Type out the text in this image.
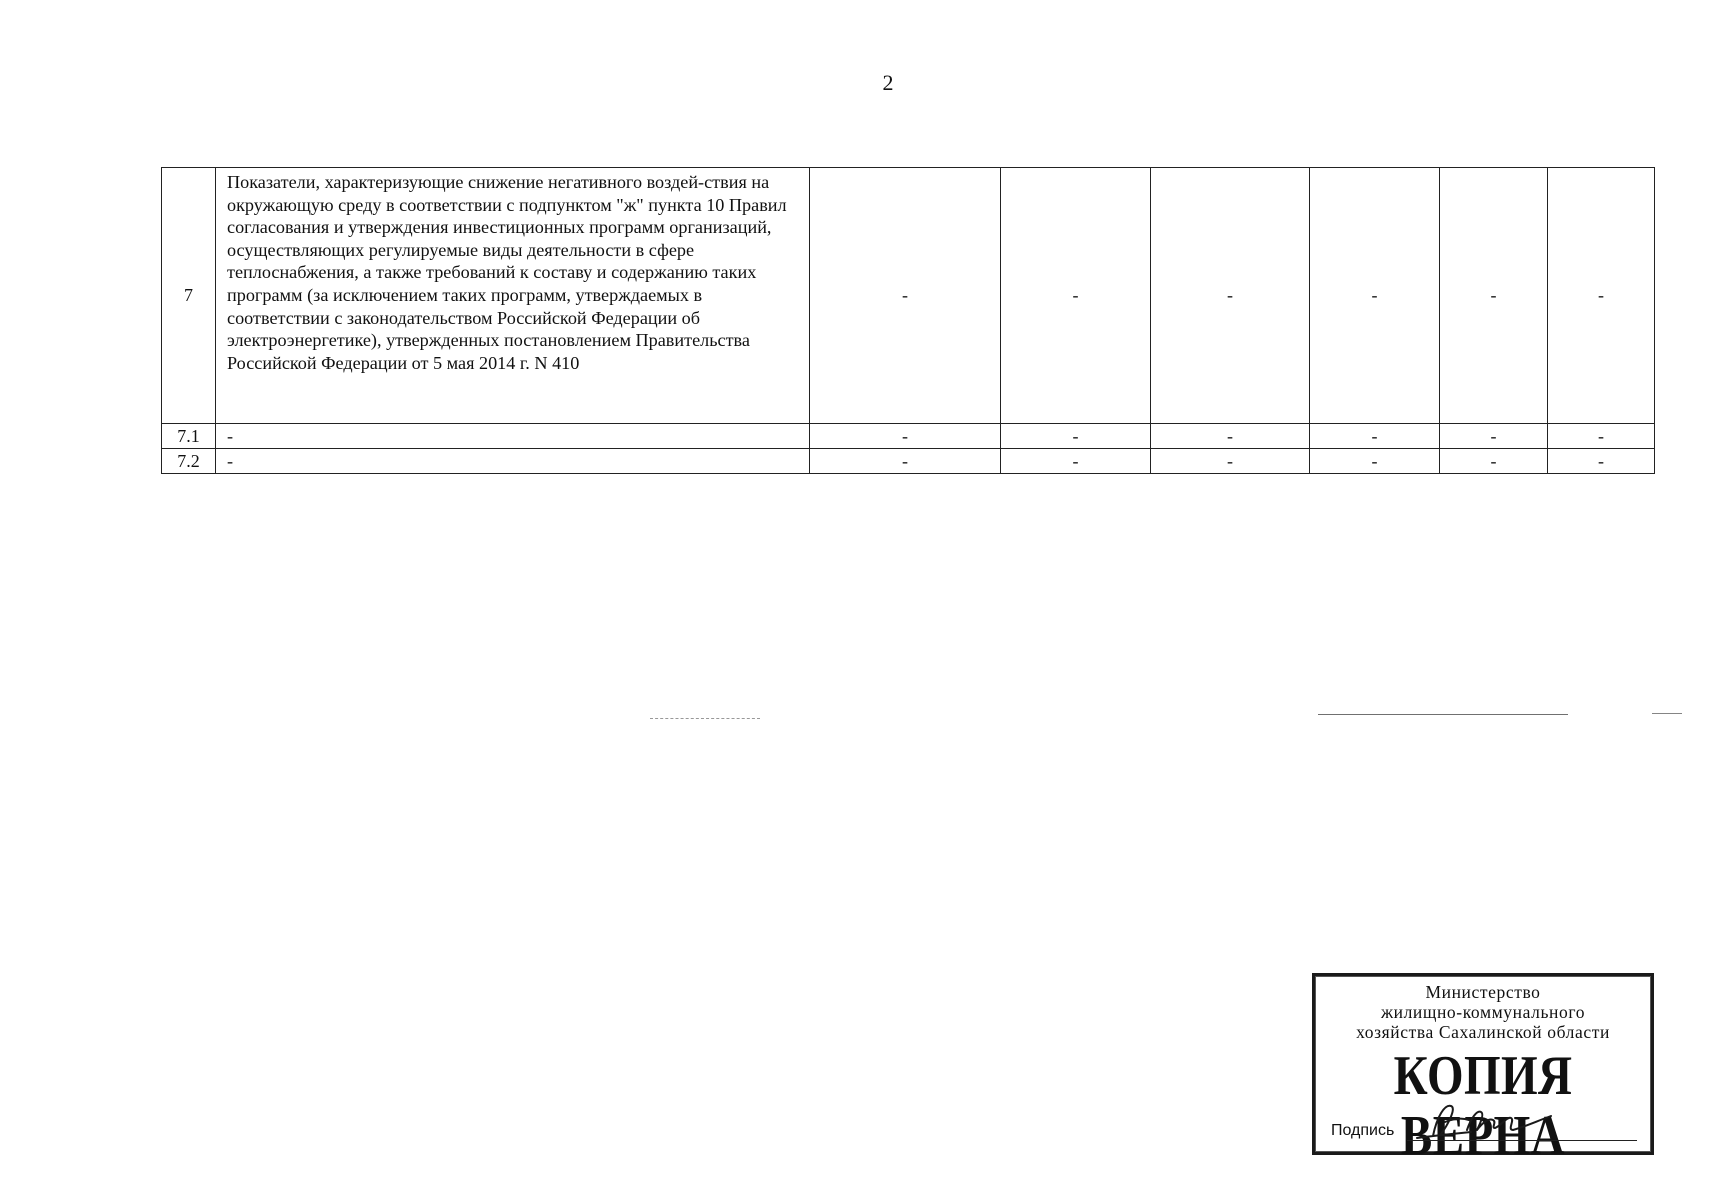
2
7	Показатели, характеризующие снижение негативного воздей-ствия на окружающую среду в соответствии с подпунктом "ж" пункта 10 Правил согласования и утверждения инвестиционных программ организаций, осуществляющих регулируемые виды деятельности в сфере теплоснабжения, а также требований к составу и содержанию таких программ (за исключением таких программ, утверждаемых в соответствии с законодательством Российской Федерации об электроэнергетике), утвержденных постановлением Правительства Российской Федерации от 5 мая 2014 г. N 410	-	-	-	-	-	-
7.1	-	-	-	-	-	-	-
7.2	-	-	-	-	-	-	-
Министерство
жилищно-коммунального
хозяйства Сахалинской области
КОПИЯ ВЕРНА
Подпись
